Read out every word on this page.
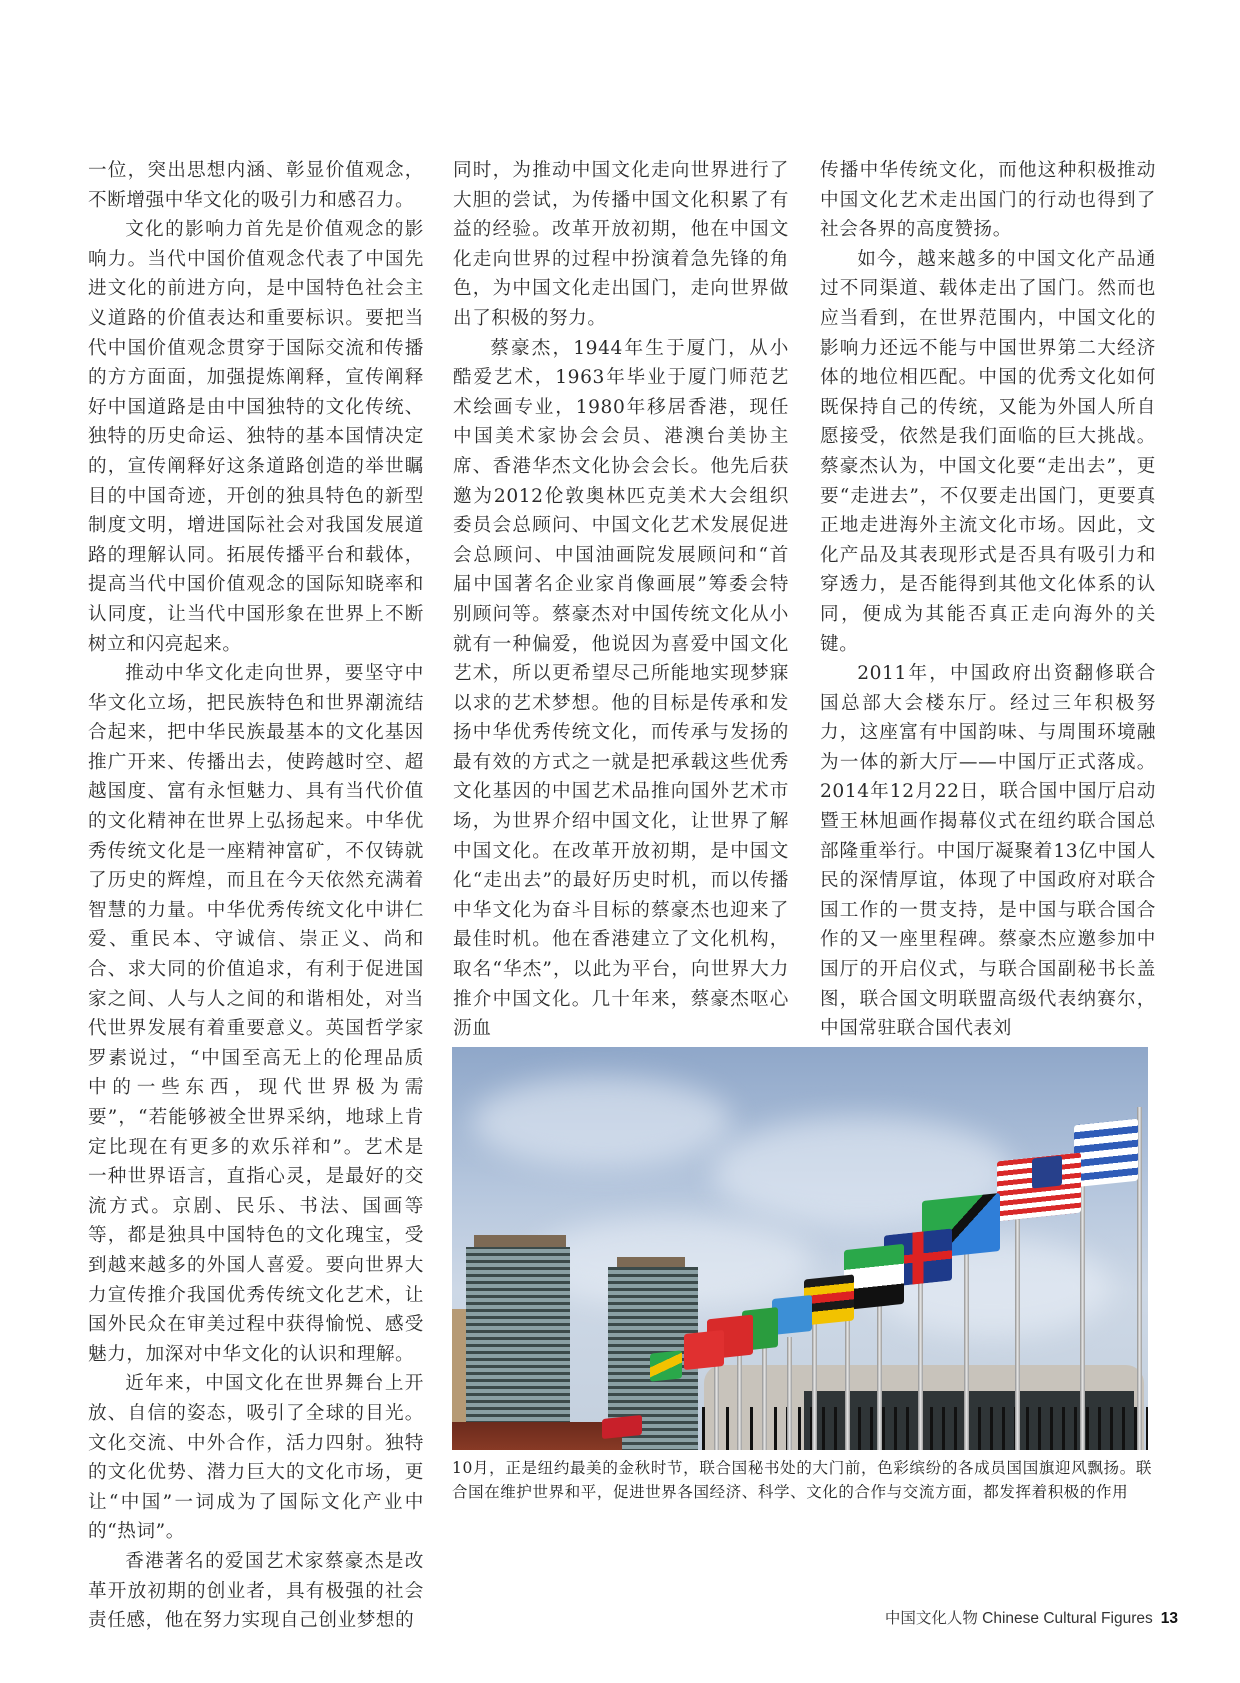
一位，突出思想内涵、彰显价值观念，不断增强中华文化的吸引力和感召力。

文化的影响力首先是价值观念的影响力。当代中国价值观念代表了中国先进文化的前进方向，是中国特色社会主义道路的价值表达和重要标识。要把当代中国价值观念贯穿于国际交流和传播的方方面面，加强提炼阐释，宣传阐释好中国道路是由中国独特的文化传统、独特的历史命运、独特的基本国情决定的，宣传阐释好这条道路创造的举世瞩目的中国奇迹，开创的独具特色的新型制度文明，增进国际社会对我国发展道路的理解认同。拓展传播平台和载体，提高当代中国价值观念的国际知晓率和认同度，让当代中国形象在世界上不断树立和闪亮起来。

推动中华文化走向世界，要坚守中华文化立场，把民族特色和世界潮流结合起来，把中华民族最基本的文化基因推广开来、传播出去，使跨越时空、超越国度、富有永恒魅力、具有当代价值的文化精神在世界上弘扬起来。中华优秀传统文化是一座精神富矿，不仅铸就了历史的辉煌，而且在今天依然充满着智慧的力量。中华优秀传统文化中讲仁爱、重民本、守诚信、崇正义、尚和合、求大同的价值追求，有利于促进国家之间、人与人之间的和谐相处，对当代世界发展有着重要意义。英国哲学家罗素说过，“中国至高无上的伦理品质中的一些东西，现代世界极为需要”，“若能够被全世界采纳，地球上肯定比现在有更多的欢乐祥和”。艺术是一种世界语言，直指心灵，是最好的交流方式。京剧、民乐、书法、国画等等，都是独具中国特色的文化瑰宝，受到越来越多的外国人喜爱。要向世界大力宣传推介我国优秀传统文化艺术，让国外民众在审美过程中获得愉悦、感受魅力，加深对中华文化的认识和理解。

近年来，中国文化在世界舞台上开放、自信的姿态，吸引了全球的目光。文化交流、中外合作，活力四射。独特的文化优势、潜力巨大的文化市场，更让“中国”一词成为了国际文化产业中的“热词”。

香港著名的爱国艺术家蔡豪杰是改革开放初期的创业者，具有极强的社会责任感，他在努力实现自己创业梦想的

同时，为推动中国文化走向世界进行了大胆的尝试，为传播中国文化积累了有益的经验。改革开放初期，他在中国文化走向世界的过程中扮演着急先锋的角色，为中国文化走出国门，走向世界做出了积极的努力。

蔡豪杰，1944年生于厦门，从小酷爱艺术，1963年毕业于厦门师范艺术绘画专业，1980年移居香港，现任中国美术家协会会员、港澳台美协主席、香港华杰文化协会会长。他先后获邀为2012伦敦奥林匹克美术大会组织委员会总顾问、中国文化艺术发展促进会总顾问、中国油画院发展顾问和“首届中国著名企业家肖像画展”筹委会特别顾问等。蔡豪杰对中国传统文化从小就有一种偏爱，他说因为喜爱中国文化艺术，所以更希望尽己所能地实现梦寐以求的艺术梦想。他的目标是传承和发扬中华优秀传统文化，而传承与发扬的最有效的方式之一就是把承载这些优秀文化基因的中国艺术品推向国外艺术市场，为世界介绍中国文化，让世界了解中国文化。在改革开放初期，是中国文化“走出去”的最好历史时机，而以传播中华文化为奋斗目标的蔡豪杰也迎来了最佳时机。他在香港建立了文化机构，取名“华杰”，以此为平台，向世界大力推介中国文化。几十年来，蔡豪杰呕心沥血

传播中华传统文化，而他这种积极推动中国文化艺术走出国门的行动也得到了社会各界的高度赞扬。

如今，越来越多的中国文化产品通过不同渠道、载体走出了国门。然而也应当看到，在世界范围内，中国文化的影响力还远不能与中国世界第二大经济体的地位相匹配。中国的优秀文化如何既保持自己的传统，又能为外国人所自愿接受，依然是我们面临的巨大挑战。蔡豪杰认为，中国文化要“走出去”，更要“走进去”，不仅要走出国门，更要真正地走进海外主流文化市场。因此，文化产品及其表现形式是否具有吸引力和穿透力，是否能得到其他文化体系的认同，便成为其能否真正走向海外的关键。

2011年，中国政府出资翻修联合国总部大会楼东厅。经过三年积极努力，这座富有中国韵味、与周围环境融为一体的新大厅——中国厅正式落成。2014年12月22日，联合国中国厅启动暨王林旭画作揭幕仪式在纽约联合国总部隆重举行。中国厅凝聚着13亿中国人民的深情厚谊，体现了中国政府对联合国工作的一贯支持，是中国与联合国合作的又一座里程碑。蔡豪杰应邀参加中国厅的开启仪式，与联合国副秘书长盖图，联合国文明联盟高级代表纳赛尔，中国常驻联合国代表刘

10月，正是纽约最美的金秋时节，联合国秘书处的大门前，色彩缤纷的各成员国国旗迎风飘扬。联合国在维护世界和平，促进世界各国经济、科学、文化的合作与交流方面，都发挥着积极的作用

中国文化人物 Chinese Cultural Figures 13
